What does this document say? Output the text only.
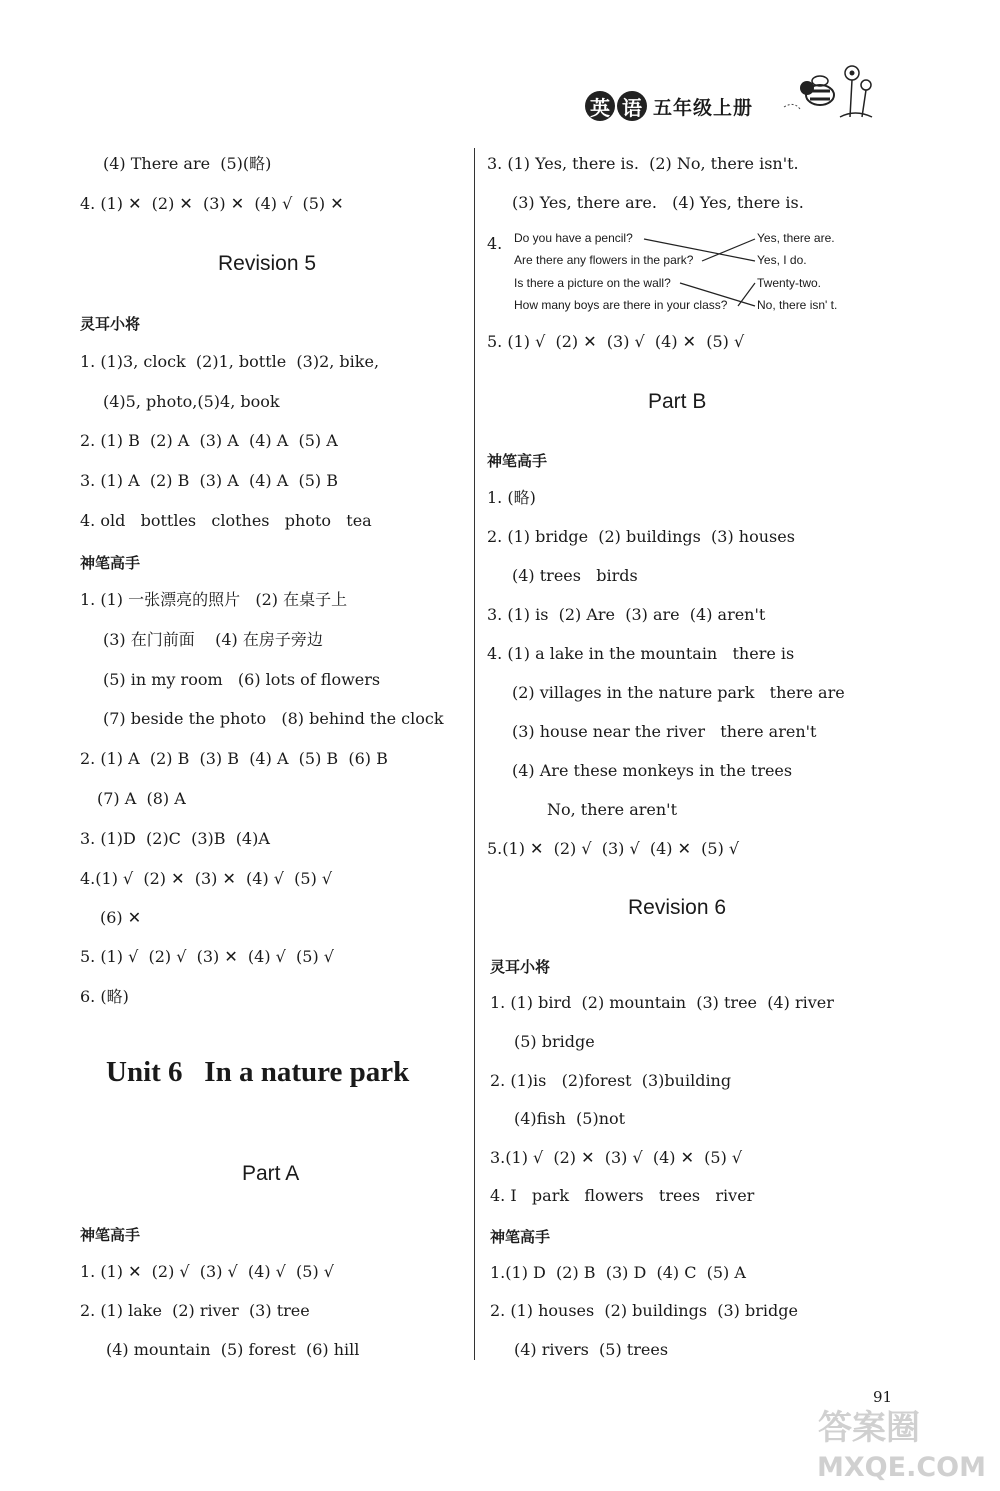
英 语 五年级上册
(4) There are  (5)(略)
4. (1) ✕  (2) ✕  (3) ✕  (4) √  (5) ✕
Revision 5
灵耳小将
1. (1)3, clock  (2)1, bottle  (3)2, bike,
(4)5, photo,(5)4, book
2. (1) B  (2) A  (3) A  (4) A  (5) A
3. (1) A  (2) B  (3) A  (4) A  (5) B
4. old   bottles   clothes   photo   tea
神笔高手
1. (1) 一张漂亮的照片   (2) 在桌子上
(3) 在门前面    (4) 在房子旁边
(5) in my room   (6) lots of flowers
(7) beside the photo   (8) behind the clock
2. (1) A  (2) B  (3) B  (4) A  (5) B  (6) B
(7) A  (8) A
3. (1)D  (2)C  (3)B  (4)A
4.(1) √  (2) ✕  (3) ✕  (4) √  (5) √
(6) ✕
5. (1) √  (2) √  (3) ✕  (4) √  (5) √
6. (略)
Unit 6   In a nature park
Part A
神笔高手
1. (1) ✕  (2) √  (3) √  (4) √  (5) √
2. (1) lake  (2) river  (3) tree
(4) mountain  (5) forest  (6) hill
3. (1) Yes, there is.  (2) No, there isn't.
(3) Yes, there are.   (4) Yes, there is.
4. Do you have a pencil?
Are there any flowers in the park?
Is there a picture on the wall?
How many boys are there in your class?
Yes, there are.
Yes, I do.
Twenty-two.
No, there isn' t.
5. (1) √  (2) ✕  (3) √  (4) ✕  (5) √
Part B
神笔高手
1. (略)
2. (1) bridge  (2) buildings  (3) houses
(4) trees   birds
3. (1) is  (2) Are  (3) are  (4) aren't
4. (1) a lake in the mountain   there is
(2) villages in the nature park   there are
(3) house near the river   there aren't
(4) Are these monkeys in the trees
No, there aren't
5.(1) ✕  (2) √  (3) √  (4) ✕  (5) √
Revision 6
灵耳小将
1. (1) bird  (2) mountain  (3) tree  (4) river
(5) bridge
2. (1)is   (2)forest  (3)building
(4)fish  (5)not
3.(1) √  (2) ✕  (3) √  (4) ✕  (5) √
4. I   park   flowers   trees   river
神笔高手
1.(1) D  (2) B  (3) D  (4) C  (5) A
2. (1) houses  (2) buildings  (3) bridge
(4) rivers  (5) trees
91
答案圈
MXQE.COM
